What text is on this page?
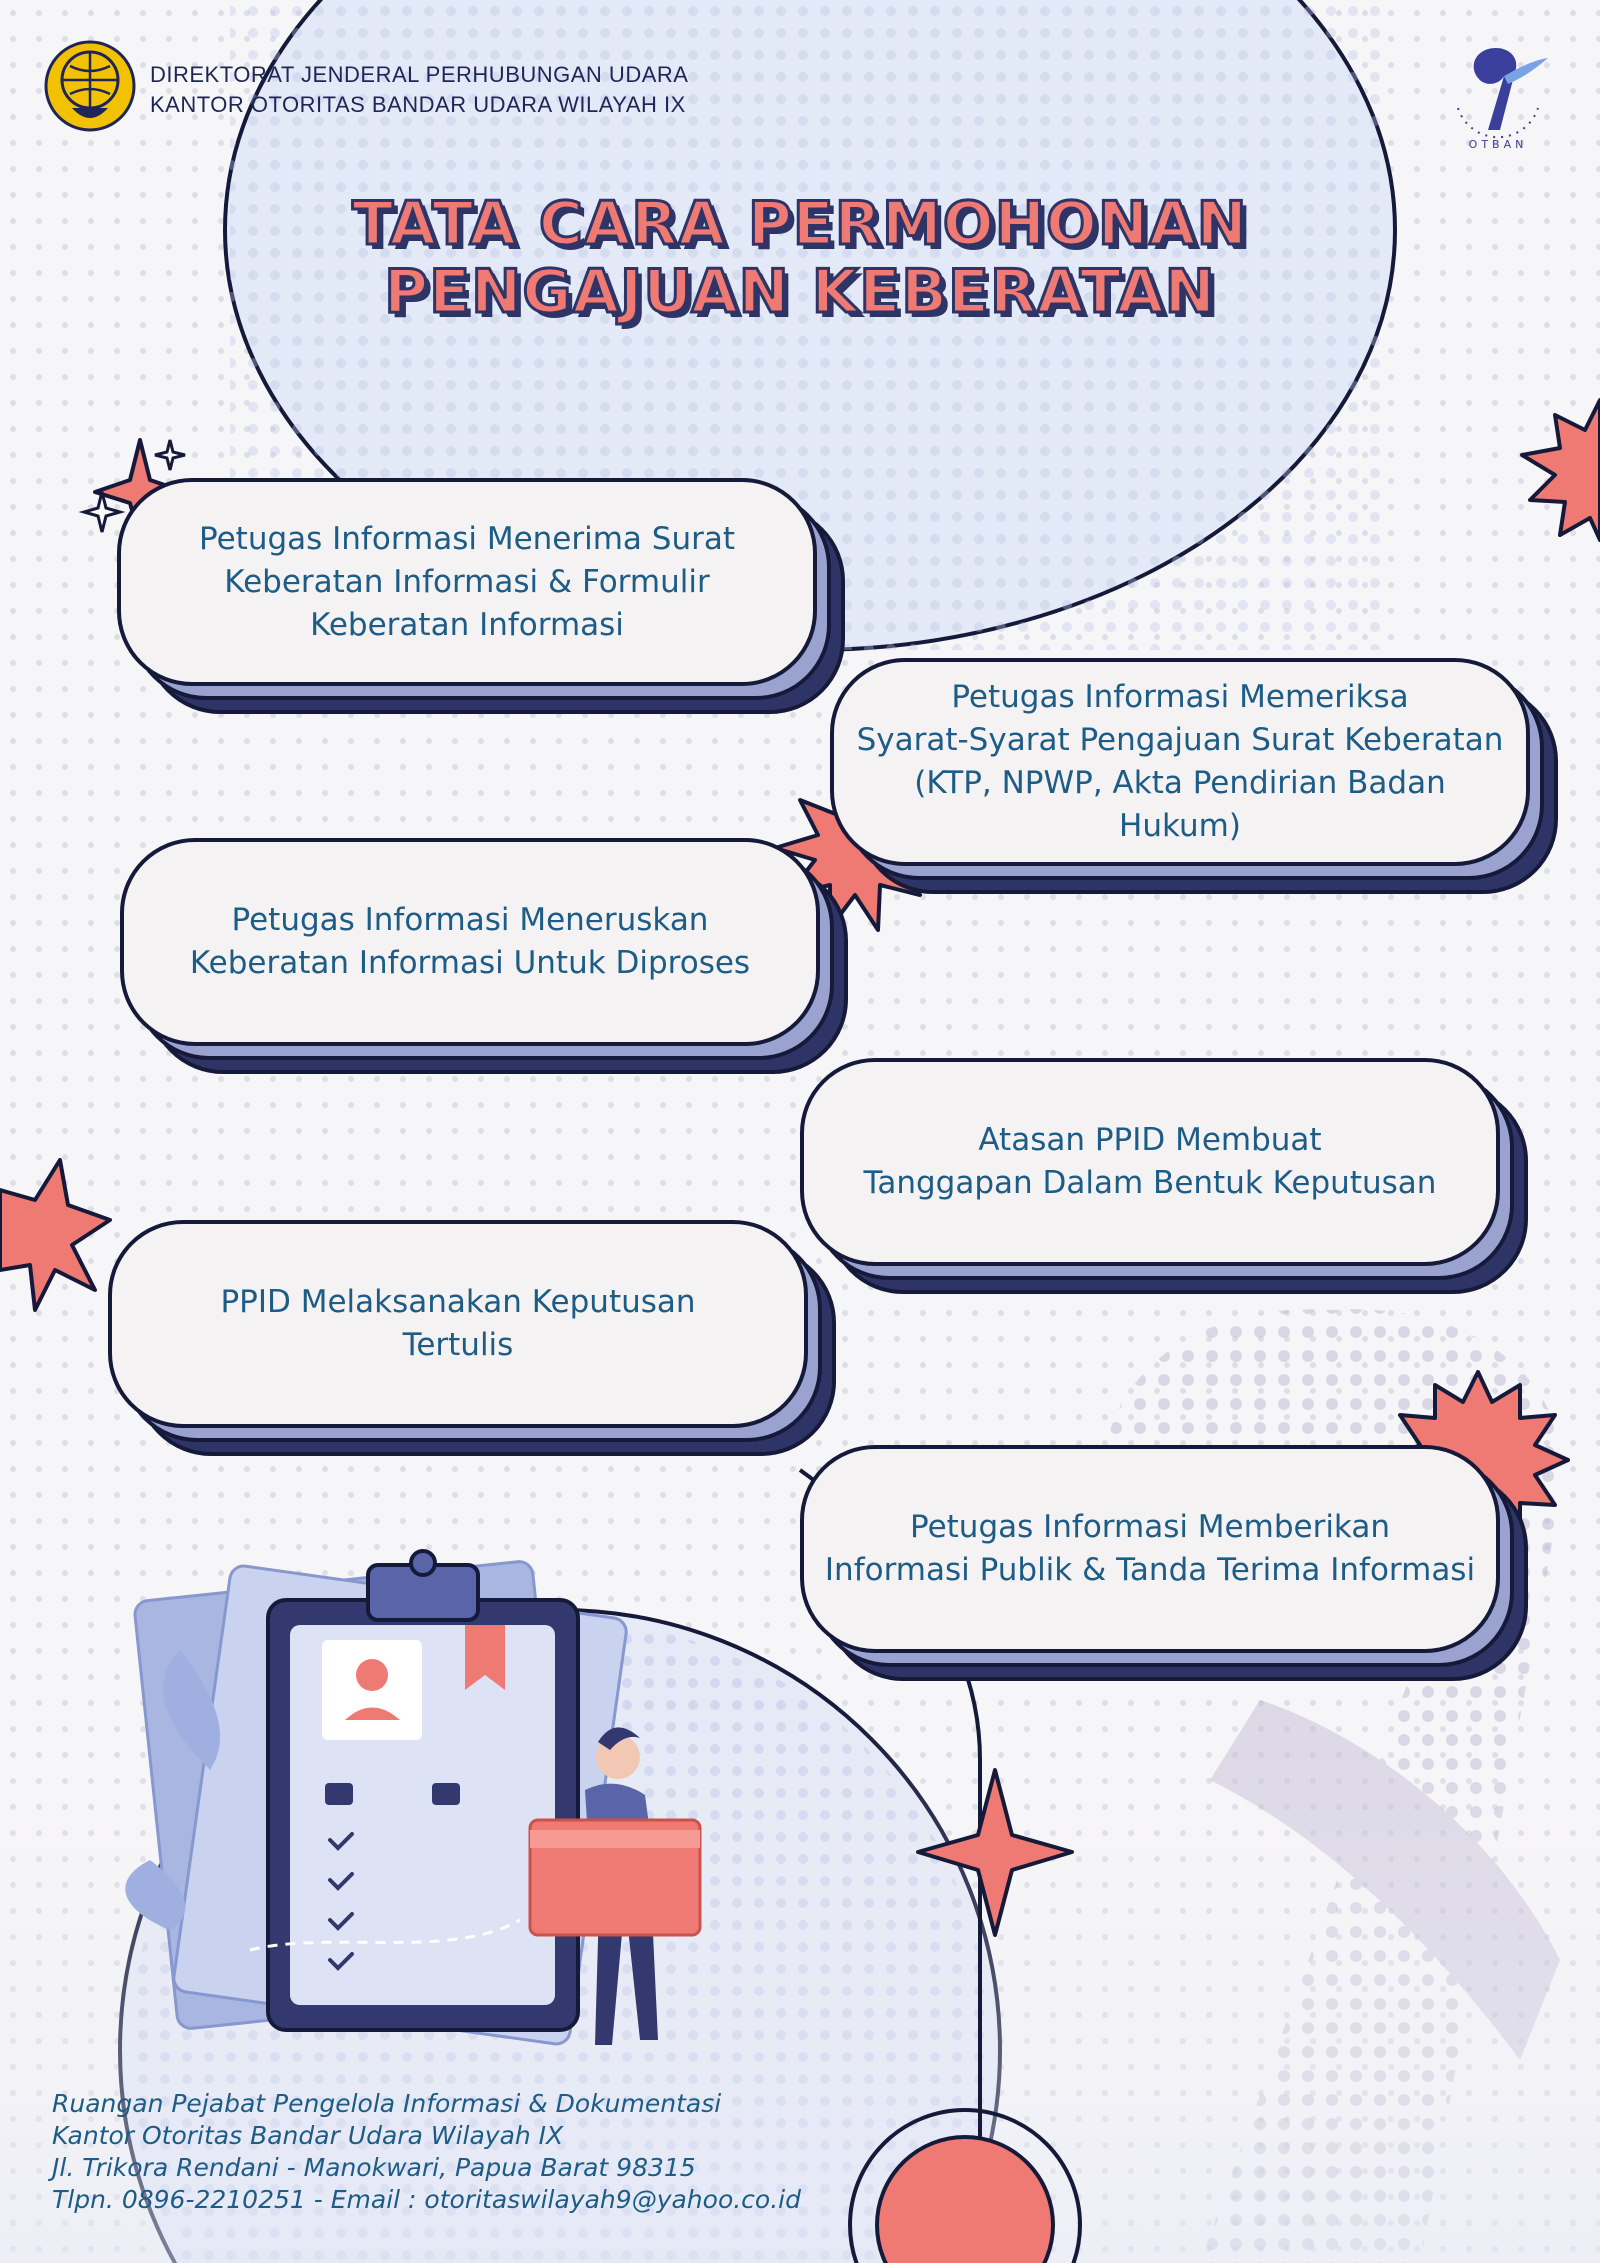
DIREKTORAT JENDERAL PERHUBUNGAN UDARA
KANTOR OTORITAS BANDAR UDARA WILAYAH IX
OTBAN
TATA CARA PERMOHONAN
PENGAJUAN KEBERATAN
Petugas Informasi Menerima Surat
Keberatan Informasi & Formulir
Keberatan Informasi
Petugas Informasi Memeriksa
Syarat-Syarat Pengajuan Surat Keberatan
(KTP, NPWP, Akta Pendirian Badan Hukum)
Petugas Informasi Meneruskan
Keberatan Informasi Untuk Diproses
Atasan PPID Membuat
Tanggapan Dalam Bentuk Keputusan
PPID Melaksanakan Keputusan
Tertulis
Petugas Informasi Memberikan
Informasi Publik & Tanda Terima Informasi
Ruangan Pejabat Pengelola Informasi & Dokumentasi
Kantor Otoritas Bandar Udara Wilayah IX
Jl. Trikora Rendani - Manokwari, Papua Barat 98315
Tlpn. 0896-2210251 - Email : otoritaswilayah9@yahoo.co.id
